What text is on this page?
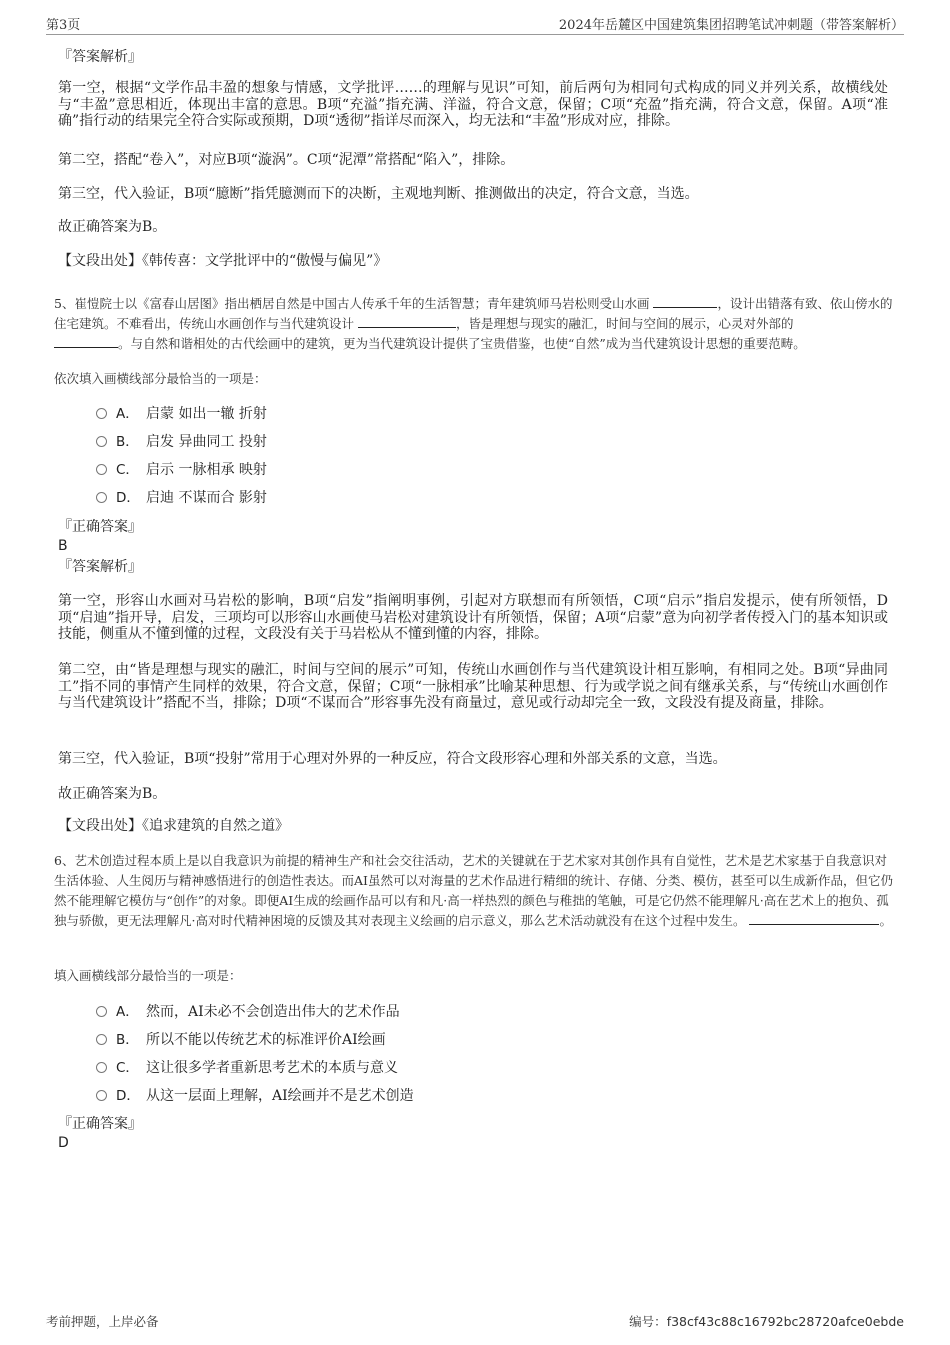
第3页	2024年岳麓区中国建筑集团招聘笔试冲刺题（带答案解析）
『答案解析』
第一空，根据“文学作品丰盈的想象与情感，文学批评……的理解与见识”可知，前后两句为相同句式构成的同义并列关系，故横线处与“丰盈”意思相近，体现出丰富的意思。B项“充溢”指充满、洋溢，符合文意，保留；C项“充盈”指充满，符合文意，保留。A项“准确”指行动的结果完全符合实际或预期，D项“透彻”指详尽而深入，均无法和“丰盈”形成对应，排除。
第二空，搭配“卷入”，对应B项“漩涡”。C项“泥潭”常搭配“陷入”，排除。
第三空，代入验证，B项“臆断”指凭臆测而下的决断，主观地判断、推测做出的决定，符合文意，当选。
故正确答案为B。
【文段出处】《韩传喜：文学批评中的“傲慢与偏见”》
5、崔愷院士以《富春山居图》指出栖居自然是中国古人传承千年的生活智慧；青年建筑师马岩松则受山水画	，设计出错落有致、依山傍水的住宅建筑。不难看出，传统山水画创作与当代建筑设计	，皆是理想与现实的融汇，时间与空间的展示，心灵对外部的
。与自然和谐相处的古代绘画中的建筑，更为当代建筑设计提供了宝贵借鉴，也使“自然”成为当代建筑设计思想的重要范畴。
依次填入画横线部分最恰当的一项是：
A． 启蒙 如出一辙 折射
B． 启发 异曲同工 投射
C． 启示 一脉相承 映射
D． 启迪 不谋而合 影射
『正确答案』
B
『答案解析』
第一空，形容山水画对马岩松的影响，B项“启发”指阐明事例，引起对方联想而有所领悟，C项“启示”指启发提示，使有所领悟，D项“启迪”指开导，启发，三项均可以形容山水画使马岩松对建筑设计有所领悟，保留；A项“启蒙”意为向初学者传授入门的基本知识或技能，侧重从不懂到懂的过程，文段没有关于马岩松从不懂到懂的内容，排除。
第二空，由“皆是理想与现实的融汇，时间与空间的展示”可知，传统山水画创作与当代建筑设计相互影响，有相同之处。B项“异曲同工”指不同的事情产生同样的效果，符合文意，保留；C项“一脉相承”比喻某种思想、行为或学说之间有继承关系，与“传统山水画创作与当代建筑设计”搭配不当，排除；D项“不谋而合”形容事先没有商量过，意见或行动却完全一致，文段没有提及商量，排除。
第三空，代入验证，B项“投射”常用于心理对外界的一种反应，符合文段形容心理和外部关系的文意，当选。
故正确答案为B。
【文段出处】《追求建筑的自然之道》
6、艺术创造过程本质上是以自我意识为前提的精神生产和社会交往活动，艺术的关键就在于艺术家对其创作具有自觉性，艺术是艺术家基于自我意识对生活体验、人生阅历与精神感悟进行的创造性表达。而AI虽然可以对海量的艺术作品进行精细的统计、存储、分类、模仿，甚至可以生成新作品，但它仍然不能理解它模仿与“创作”的对象。即便AI生成的绘画作品可以有和凡·高一样热烈的颜色与稚拙的笔触，可是它仍然不能理解凡·高在艺术上的抱负、孤独与骄傲，更无法理解凡·高对时代精神困境的反馈及其对表现主义绘画的启示意义，那么艺术活动就没有在这个过程中发生。	。
填入画横线部分最恰当的一项是：
A． 然而，AI未必不会创造出伟大的艺术作品
B． 所以不能以传统艺术的标准评价AI绘画
C． 这让很多学者重新思考艺术的本质与意义
D． 从这一层面上理解，AI绘画并不是艺术创造
『正确答案』
D
考前押题，上岸必备	编号：f38cf43c88c16792bc28720afce0ebde
